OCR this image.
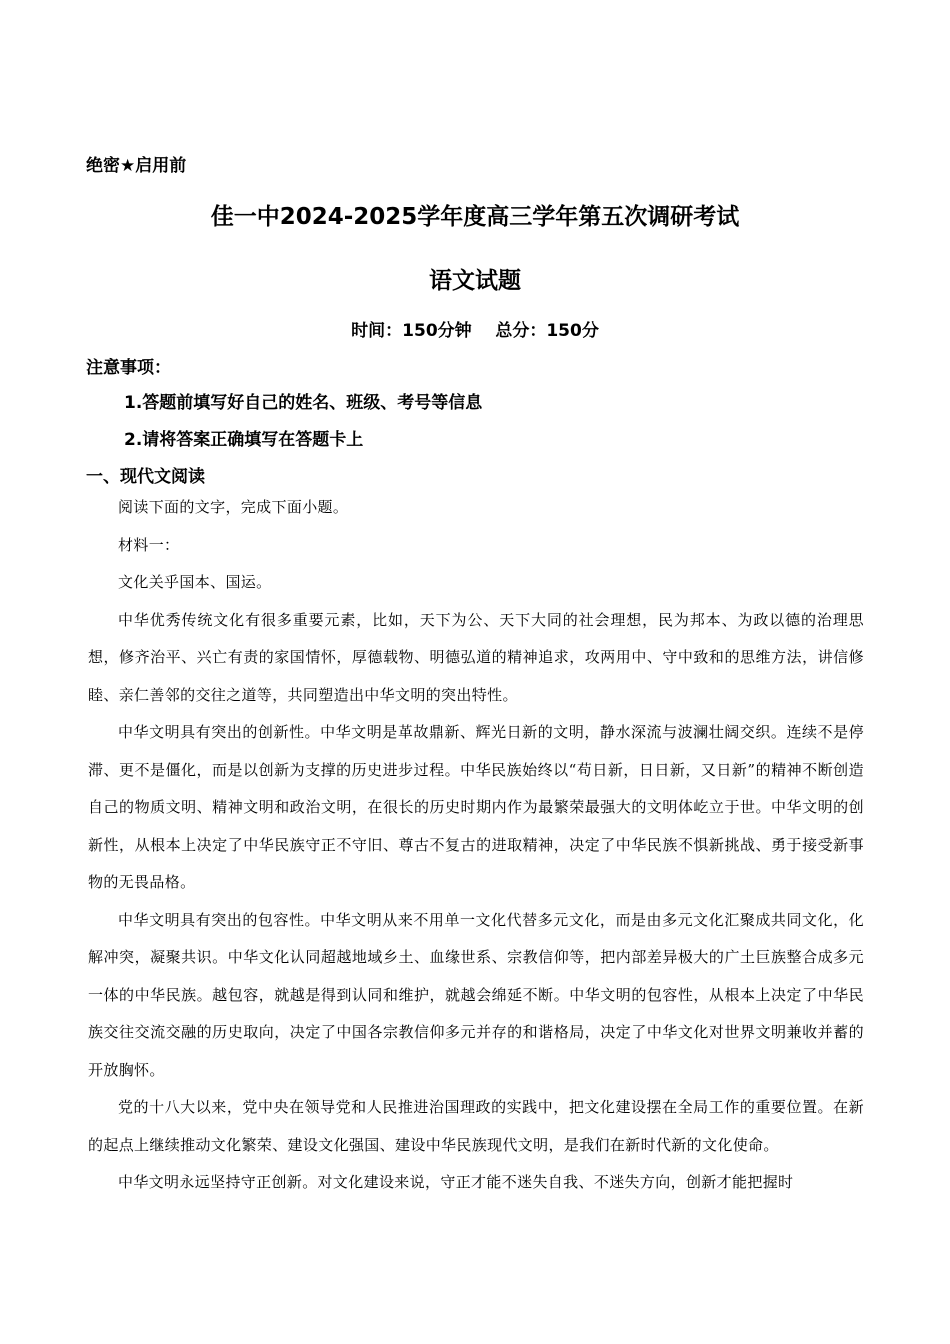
绝密★启用前
佳一中2024-2025学年度高三学年第五次调研考试
语文试题
时间：150分钟    总分：150分
注意事项：
1.答题前填写好自己的姓名、班级、考号等信息
2.请将答案正确填写在答题卡上
一、现代文阅读

阅读下面的文字，完成下面小题。

材料一：

文化关乎国本、国运。

中华优秀传统文化有很多重要元素，比如，天下为公、天下大同的社会理想，民为邦本、为政以德的治理思想，修齐治平、兴亡有责的家国情怀，厚德载物、明德弘道的精神追求，攻两用中、守中致和的思维方法，讲信修睦、亲仁善邻的交往之道等，共同塑造出中华文明的突出特性。

中华文明具有突出的创新性。中华文明是革故鼎新、辉光日新的文明，静水深流与波澜壮阔交织。连续不是停滞、更不是僵化，而是以创新为支撑的历史进步过程。中华民族始终以“苟日新，日日新，又日新”的精神不断创造自己的物质文明、精神文明和政治文明，在很长的历史时期内作为最繁荣最强大的文明体屹立于世。中华文明的创新性，从根本上决定了中华民族守正不守旧、尊古不复古的进取精神，决定了中华民族不惧新挑战、勇于接受新事物的无畏品格。

中华文明具有突出的包容性。中华文明从来不用单一文化代替多元文化，而是由多元文化汇聚成共同文化，化解冲突，凝聚共识。中华文化认同超越地域乡土、血缘世系、宗教信仰等，把内部差异极大的广土巨族整合成多元一体的中华民族。越包容，就越是得到认同和维护，就越会绵延不断。中华文明的包容性，从根本上决定了中华民族交往交流交融的历史取向，决定了中国各宗教信仰多元并存的和谐格局，决定了中华文化对世界文明兼收并蓄的开放胸怀。

党的十八大以来，党中央在领导党和人民推进治国理政的实践中，把文化建设摆在全局工作的重要位置。在新的起点上继续推动文化繁荣、建设文化强国、建设中华民族现代文明，是我们在新时代新的文化使命。

中华文明永远坚持守正创新。对文化建设来说，守正才能不迷失自我、不迷失方向，创新才能把握时
